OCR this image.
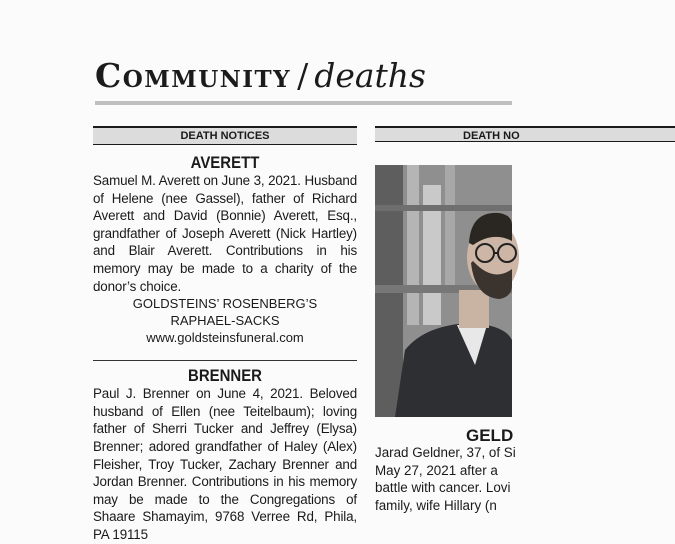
Community / deaths
DEATH NOTICES
AVERETT
Samuel M. Averett on June 3, 2021. Husband of Helene (nee Gassel), father of Richard Averett and David (Bonnie) Averett, Esq., grandfather of Joseph Averett (Nick Hartley) and Blair Averett. Contributions in his memory may be made to a charity of the donor’s choice.
GOLDSTEINS’ ROSENBERG’S
RAPHAEL-SACKS
www.goldsteinsfuneral.com
BRENNER
Paul J. Brenner on June 4, 2021. Beloved husband of Ellen (nee Teitelbaum); loving father of Sherri Tucker and Jeffrey (Elysa) Brenner; adored grandfather of Haley (Alex) Fleisher, Troy Tucker, Zachary Brenner and Jordan Brenner. Contributions in his memory may be made to the Congregations of Shaare Shamayim, 9768 Verree Rd, Phila, PA 19115
DEATH NO
GELD
Jarad Geldner, 37, of Si
May 27, 2021 after a
battle with cancer. Lovi
family, wife Hillary (n
